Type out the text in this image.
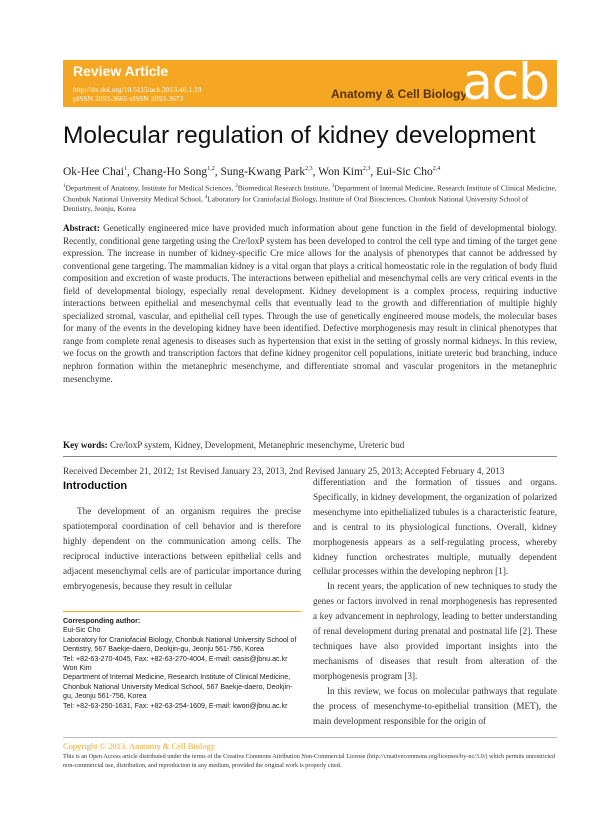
Review Article
http://dx.doi.org/10.5115/acb.2013.46.1.19
pISSN 2093-3665 eISSN 2093-3673	Anatomy & Cell Biology
acb
Molecular regulation of kidney development
Ok-Hee Chai$^1$, Chang-Ho Song$^{1,2}$, Sung-Kwang Park$^{2,3}$, Won Kim$^{2,3}$, Eui-Sic Cho$^{2,4}$
$^1$Department of Anatomy, Institute for Medical Sciences, $^2$Biomedical Research Institute, $^3$Department of Internal Medicine, Research Institute of Clinical Medicine, Chonbuk National University Medical School, $^4$Laboratory for Craniofacial Biology, Institute of Oral Biosciences, Chonbuk National University School of Dentistry, Jeonju, Korea
Abstract: Genetically engineered mice have provided much information about gene function in the field of developmental biology. Recently, conditional gene targeting using the Cre/loxP system has been developed to control the cell type and timing of the target gene expression. The increase in number of kidney-specific Cre mice allows for the analysis of phenotypes that cannot be addressed by conventional gene targeting. The mammalian kidney is a vital organ that plays a critical homeostatic role in the regulation of body fluid composition and excretion of waste products. The interactions between epithelial and mesenchymal cells are very critical events in the field of developmental biology, especially renal development. Kidney development is a complex process, requiring inductive interactions between epithelial and mesenchymal cells that eventually lead to the growth and differentiation of multiple highly specialized stromal, vascular, and epithelial cell types. Through the use of genetically engineered mouse models, the molecular bases for many of the events in the developing kidney have been identified. Defective morphogenesis may result in clinical phenotypes that range from complete renal agenesis to diseases such as hypertension that exist in the setting of grossly normal kidneys. In this review, we focus on the growth and transcription factors that define kidney progenitor cell populations, initiate ureteric bud branching, induce nephron formation within the metanephric mesenchyme, and differentiate stromal and vascular progenitors in the metanephric mesenchyme.
Key words: Cre/loxP system, Kidney, Development, Metanephric mesenchyme, Ureteric bud
Received December 21, 2012; 1st Revised January 23, 2013, 2nd Revised January 25, 2013; Accepted February 4, 2013
Introduction

The development of an organism requires the precise spatiotemporal coordination of cell behavior and is therefore highly dependent on the communication among cells. The reciprocal inductive interactions between epithelial cells and adjacent mesenchymal cells are of particular importance during embryogenesis, because they result in cellular

differentiation and the formation of tissues and organs. Specifically, in kidney development, the organization of polarized mesenchyme into epithelialized tubules is a characteristic feature, and is central to its physiological functions. Overall, kidney morphogenesis appears as a self-regulating process, whereby kidney function orchestrates multiple, mutually dependent cellular processes within the developing nephron [1].

In recent years, the application of new techniques to study the genes or factors involved in renal morphogenesis has represented a key advancement in nephrology, leading to better understanding of renal development during prenatal and postnatal life [2]. These techniques have also provided important insights into the mechanisms of diseases that result from alteration of the morphogenesis program [3].

In this review, we focus on molecular pathways that regulate the process of mesenchyme-to-epithelial transition (MET), the main development responsible for the origin of

Corresponding author:
Eui-Sic Cho
Laboratory for Craniofacial Biology, Chonbuk National University School of Dentistry, 567 Baekje-daero, Deokjin-gu, Jeonju 561-756, Korea
Tel: +82-63-270-4045, Fax: +82-63-270-4004, E-mail: oasis@jbnu.ac.kr
Won Kim
Department of Internal Medicine, Research Institute of Clinical Medicine, Chonbuk National University Medical School, 567 Baekje-daero, Deokjin-gu, Jeonju 561-756, Korea
Tel: +82-63-250-1631, Fax: +82-63-254-1609, E-mail: kwon@jbnu.ac.kr
Copyright © 2013. Anatomy & Cell Biology
This is an Open Access article distributed under the terms of the Creative Commons Attribution Non-Commercial License (http://creativecommons.org/licenses/by-nc/3.0/) which permits unrestricted non-commercial use, distribution, and reproduction in any medium, provided the original work is properly cited.
